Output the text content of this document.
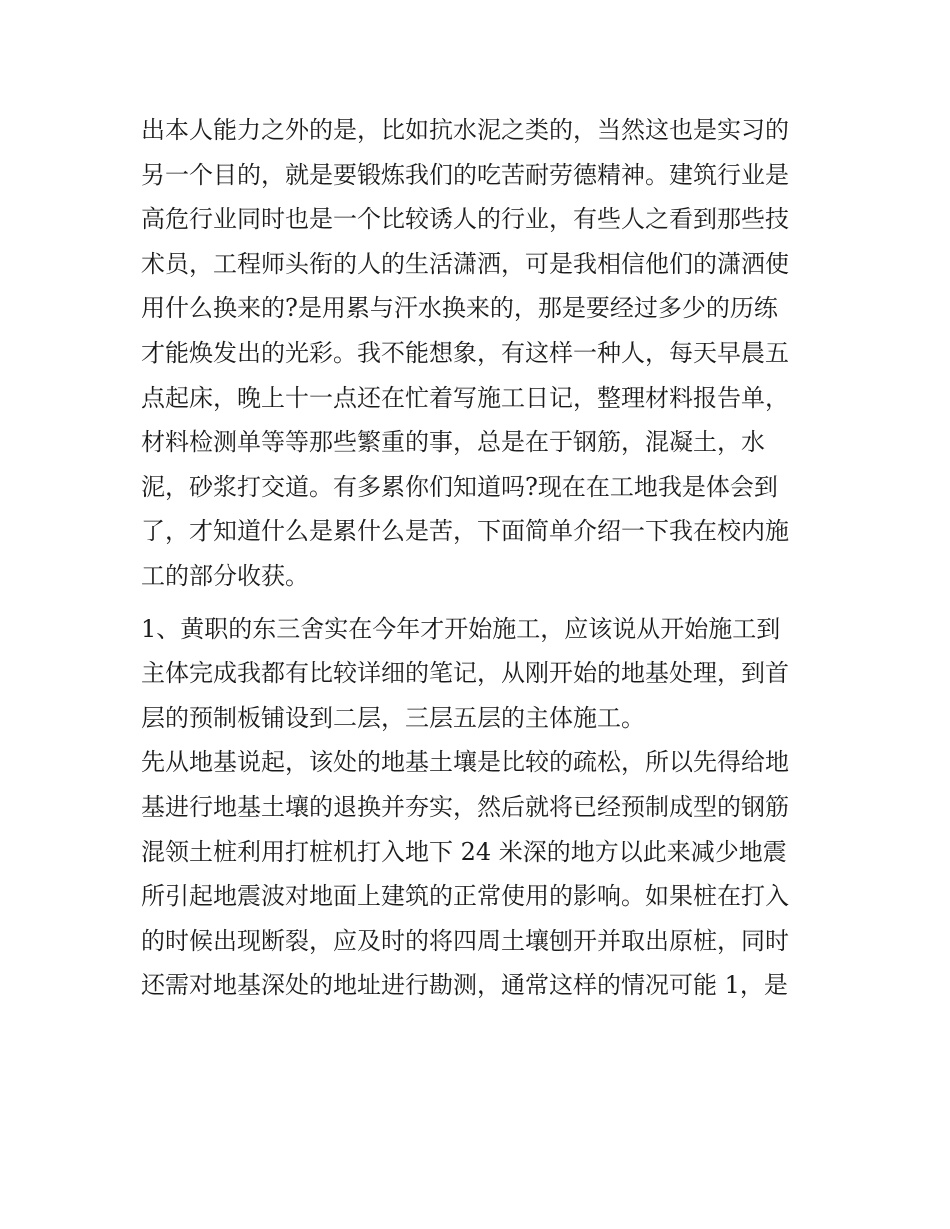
出本人能力之外的是，比如抗水泥之类的，当然这也是实习的
另一个目的，就是要锻炼我们的吃苦耐劳德精神。建筑行业是
高危行业同时也是一个比较诱人的行业，有些人之看到那些技
术员，工程师头衔的人的生活潇洒，可是我相信他们的潇洒使
用什么换来的?是用累与汗水换来的，那是要经过多少的历练
才能焕发出的光彩。我不能想象，有这样一种人，每天早晨五
点起床，晚上十一点还在忙着写施工日记，整理材料报告单，
材料检测单等等那些繁重的事，总是在于钢筋，混凝土，水
泥，砂浆打交道。有多累你们知道吗?现在在工地我是体会到
了，才知道什么是累什么是苦，下面简单介绍一下我在校内施
工的部分收获。
1、黄职的东三舍实在今年才开始施工，应该说从开始施工到
主体完成我都有比较详细的笔记，从刚开始的地基处理，到首
层的预制板铺设到二层，三层五层的主体施工。
先从地基说起，该处的地基土壤是比较的疏松，所以先得给地
基进行地基土壤的退换并夯实，然后就将已经预制成型的钢筋
混领土桩利用打桩机打入地下 24 米深的地方以此来减少地震
所引起地震波对地面上建筑的正常使用的影响。如果桩在打入
的时候出现断裂，应及时的将四周土壤刨开并取出原桩，同时
还需对地基深处的地址进行勘测，通常这样的情况可能 1，是
